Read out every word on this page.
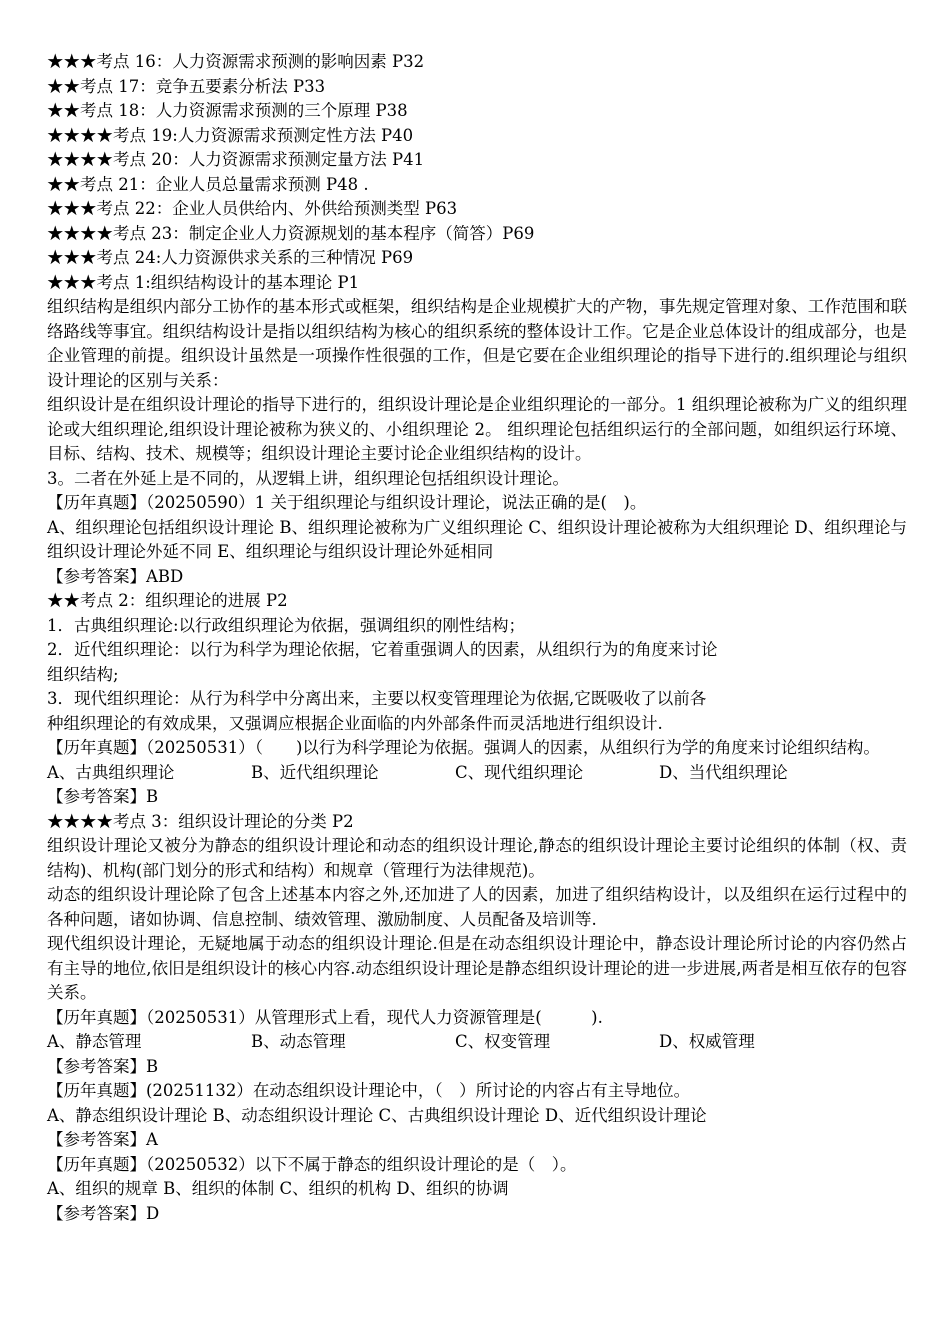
★★★考点 16：人力资源需求预测的影响因素 P32

★★考点 17：竞争五要素分析法 P33

★★考点 18：人力资源需求预测的三个原理 P38

★★★★考点 19:人力资源需求预测定性方法 P40

★★★★考点 20：人力资源需求预测定量方法 P41

★★考点 21：企业人员总量需求预测 P48 .

★★★考点 22：企业人员供给内、外供给预测类型 P63

★★★★考点 23：制定企业人力资源规划的基本程序（简答）P69

★★★考点 24:人力资源供求关系的三种情况 P69

★★★考点 1:组织结构设计的基本理论 P1

组织结构是组织内部分工协作的基本形式或框架，组织结构是企业规模扩大的产物，事先规定管理对象、工作范围和联络路线等事宜。组织结构设计是指以组织结构为核心的组织系统的整体设计工作。它是企业总体设计的组成部分，也是企业管理的前提。组织设计虽然是一项操作性很强的工作，但是它要在企业组织理论的指导下进行的.组织理论与组织设计理论的区别与关系：

组织设计是在组织设计理论的指导下进行的，组织设计理论是企业组织理论的一部分。1 组织理论被称为广义的组织理论或大组织理论,组织设计理论被称为狭义的、小组织理论 2。 组织理论包括组织运行的全部问题，如组织运行环境、目标、结构、技术、规模等；组织设计理论主要讨论企业组织结构的设计。

3。二者在外延上是不同的，从逻辑上讲，组织理论包括组织设计理论。

【历年真题】（20250590）1 关于组织理论与组织设计理论，说法正确的是(　)。

A、组织理论包括组织设计理论 B、组织理论被称为广义组织理论 C、组织设计理论被称为大组织理论 D、组织理论与组织设计理论外延不同 E、组织理论与组织设计理论外延相同

【参考答案】ABD

★★考点 2：组织理论的进展 P2

1．古典组织理论:以行政组织理论为依据，强调组织的刚性结构；

2．近代组织理论：以行为科学为理论依据，它着重强调人的因素，从组织行为的角度来讨论

组织结构;

3．现代组织理论：从行为科学中分离出来，主要以权变管理理论为依据,它既吸收了以前各

种组织理论的有效成果，又强调应根据企业面临的内外部条件而灵活地进行组织设计.

【历年真题】（20250531）（　　)以行为科学理论为依据。强调人的因素，从组织行为学的角度来讨论组织结构。

A、古典组织理论	B、近代组织理论	C、现代组织理论	D、当代组织理论

【参考答案】B

★★★★考点 3：组织设计理论的分类 P2

组织设计理论又被分为静态的组织设计理论和动态的组织设计理论,静态的组织设计理论主要讨论组织的体制（权、责结构)、机构(部门划分的形式和结构）和规章（管理行为法律规范)。

动态的组织设计理论除了包含上述基本内容之外,还加进了人的因素，加进了组织结构设计，以及组织在运行过程中的各种问题，诸如协调、信息控制、绩效管理、激励制度、人员配备及培训等.

现代组织设计理论，无疑地属于动态的组织设计理论.但是在动态组织设计理论中，静态设计理论所讨论的内容仍然占有主导的地位,依旧是组织设计的核心内容.动态组织设计理论是静态组织设计理论的进一步进展,两者是相互依存的包容关系。

【历年真题】（20250531）从管理形式上看，现代人力资源管理是(　　　).

A、静态管理	B、动态管理	C、权变管理	D、权威管理

【参考答案】B

【历年真题】(20251132）在动态组织设计理论中，（　）所讨论的内容占有主导地位。

A、静态组织设计理论 B、动态组织设计理论 C、古典组织设计理论 D、近代组织设计理论

【参考答案】A

【历年真题】（20250532）以下不属于静态的组织设计理论的是（　）。

A、组织的规章 B、组织的体制 C、组织的机构 D、组织的协调

【参考答案】D
